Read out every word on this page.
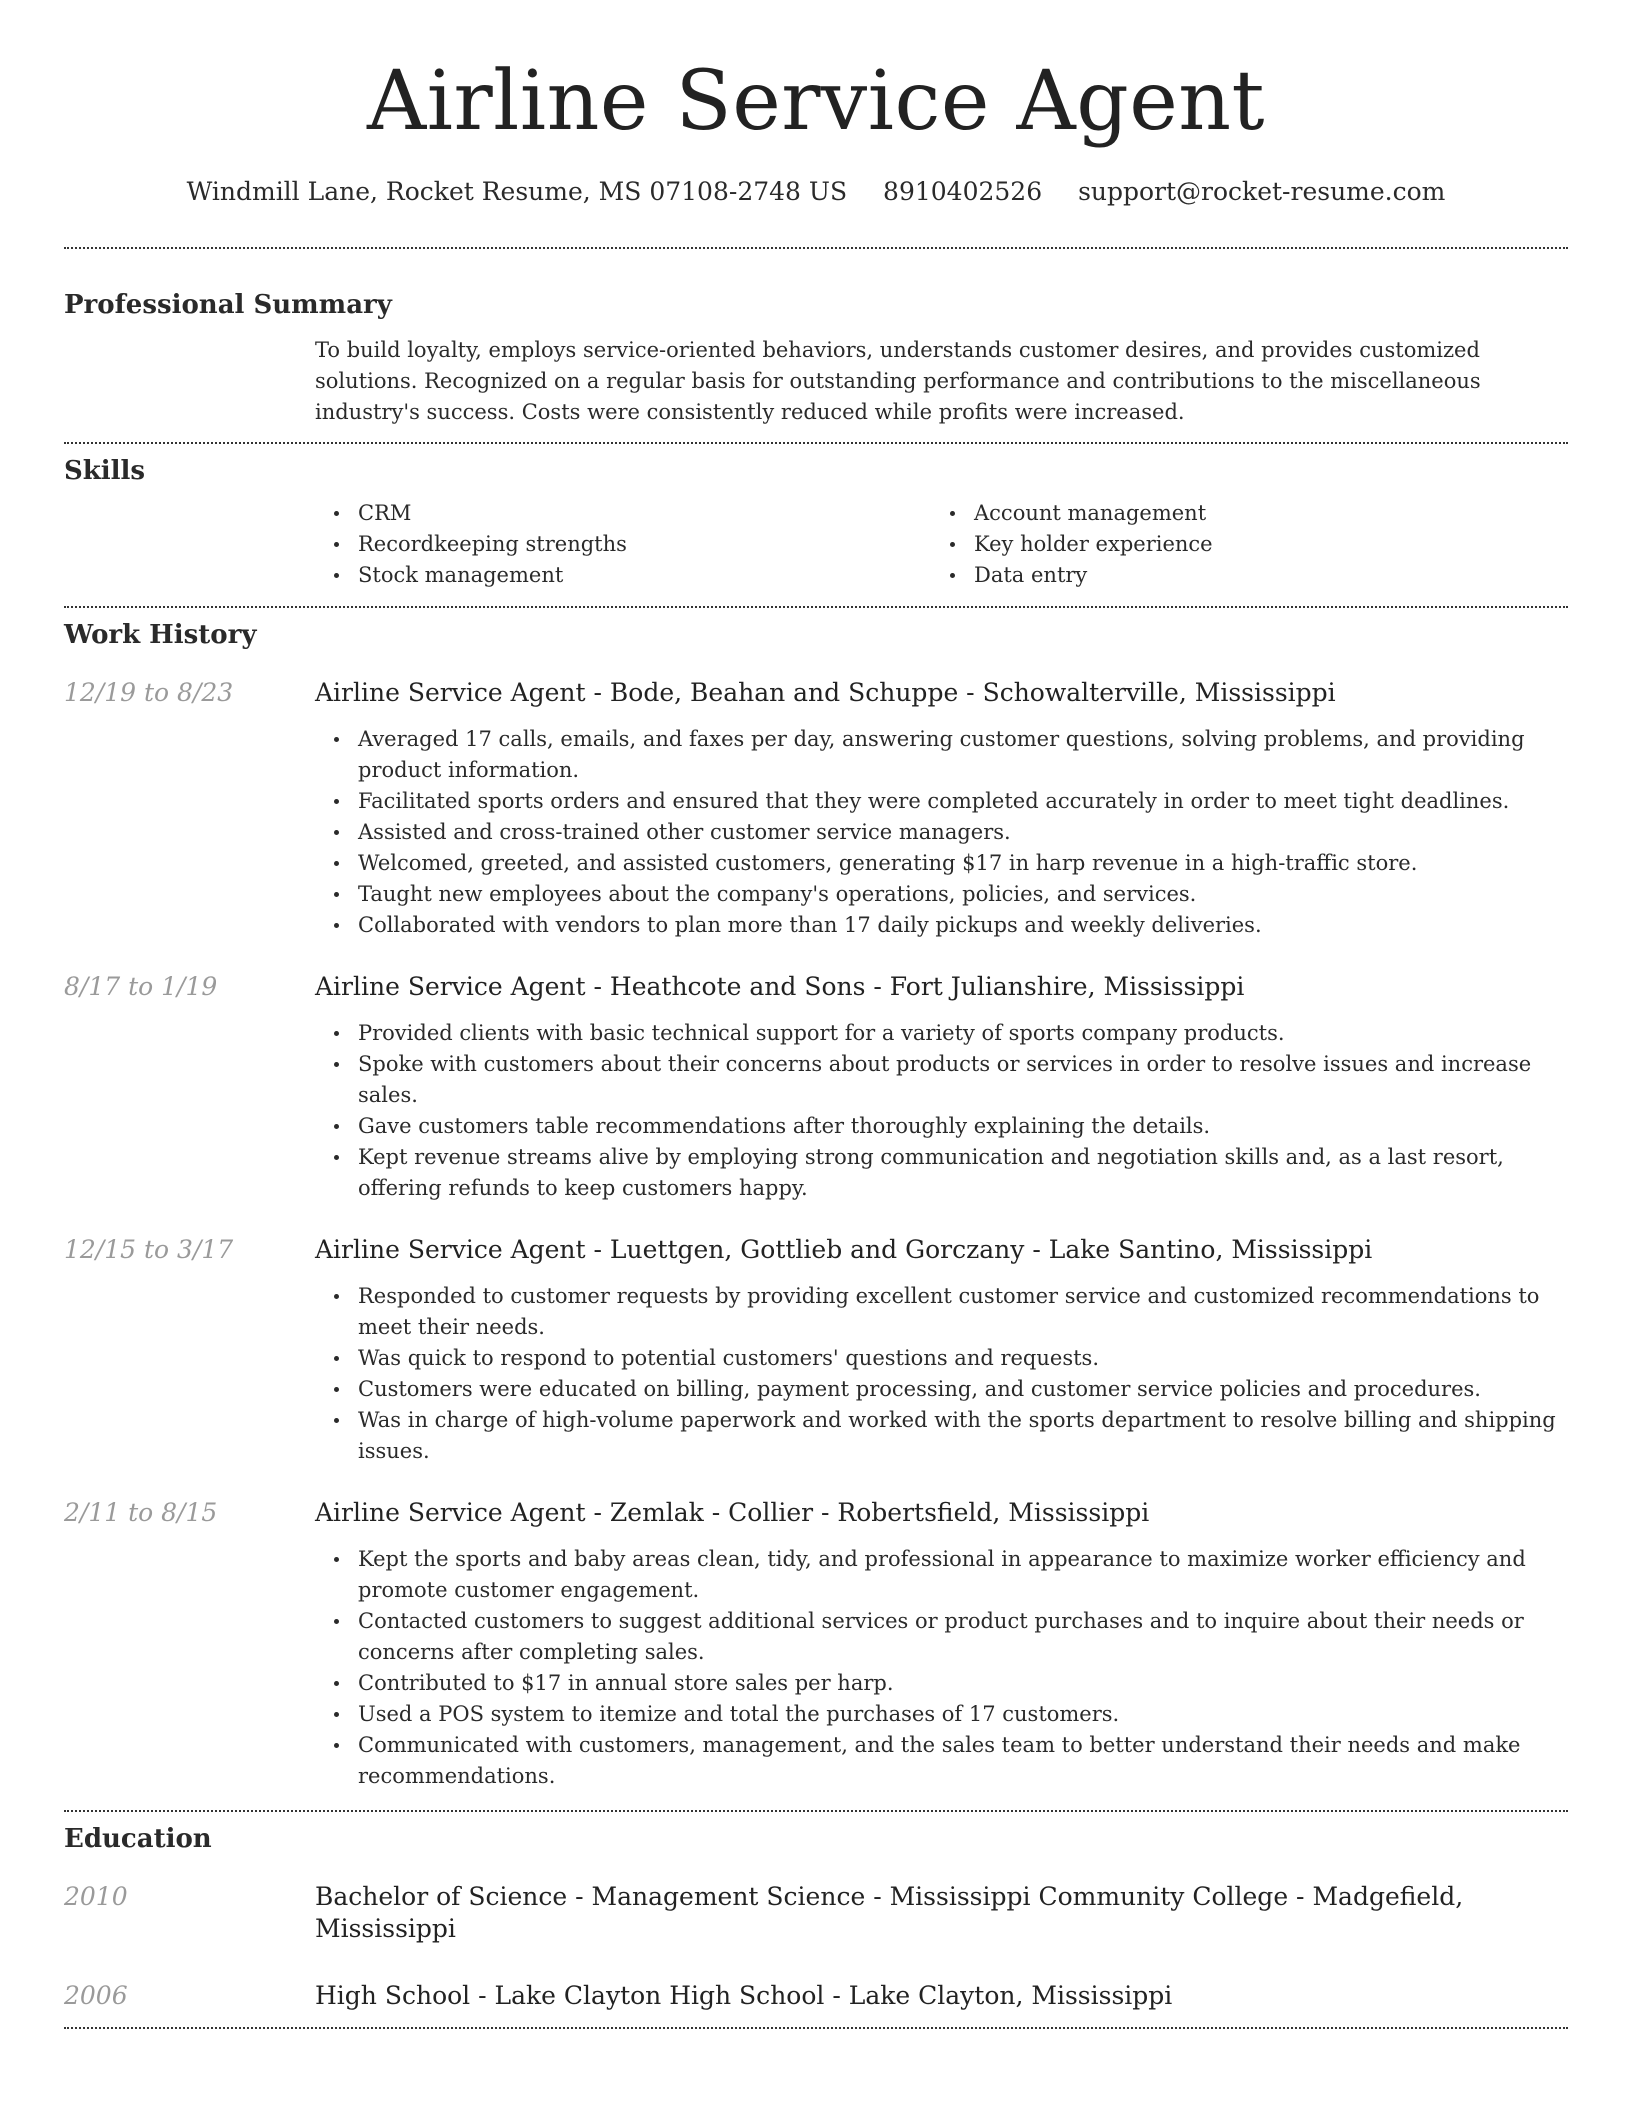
Airline Service Agent
Windmill Lane, Rocket Resume, MS 07108-2748 US 8910402526 support@rocket-resume.com
Professional Summary

To build loyalty, employs service-oriented behaviors, understands customer desires, and provides customized solutions. Recognized on a regular basis for outstanding performance and contributions to the miscellaneous industry's success. Costs were consistently reduced while profits were increased.

Skills
CRM
Recordkeeping strengths
Stock management
Account management
Key holder experience
Data entry
Work History
12/19 to 8/23	Airline Service Agent - Bode, Beahan and Schuppe - Schowalterville, Mississippi
Averaged 17 calls, emails, and faxes per day, answering customer questions, solving problems, and providing product information.
Facilitated sports orders and ensured that they were completed accurately in order to meet tight deadlines.
Assisted and cross-trained other customer service managers.
Welcomed, greeted, and assisted customers, generating $17 in harp revenue in a high-traffic store.
Taught new employees about the company's operations, policies, and services.
Collaborated with vendors to plan more than 17 daily pickups and weekly deliveries.
8/17 to 1/19	Airline Service Agent - Heathcote and Sons - Fort Julianshire, Mississippi
Provided clients with basic technical support for a variety of sports company products.
Spoke with customers about their concerns about products or services in order to resolve issues and increase sales.
Gave customers table recommendations after thoroughly explaining the details.
Kept revenue streams alive by employing strong communication and negotiation skills and, as a last resort, offering refunds to keep customers happy.
12/15 to 3/17	Airline Service Agent - Luettgen, Gottlieb and Gorczany - Lake Santino, Mississippi
Responded to customer requests by providing excellent customer service and customized recommendations to meet their needs.
Was quick to respond to potential customers' questions and requests.
Customers were educated on billing, payment processing, and customer service policies and procedures.
Was in charge of high-volume paperwork and worked with the sports department to resolve billing and shipping issues.
2/11 to 8/15	Airline Service Agent - Zemlak - Collier - Robertsfield, Mississippi
Kept the sports and baby areas clean, tidy, and professional in appearance to maximize worker efficiency and promote customer engagement.
Contacted customers to suggest additional services or product purchases and to inquire about their needs or concerns after completing sales.
Contributed to $17 in annual store sales per harp.
Used a POS system to itemize and total the purchases of 17 customers.
Communicated with customers, management, and the sales team to better understand their needs and make recommendations.
Education
2010	Bachelor of Science - Management Science - Mississippi Community College - Madgefield, Mississippi
2006	High School - Lake Clayton High School - Lake Clayton, Mississippi
